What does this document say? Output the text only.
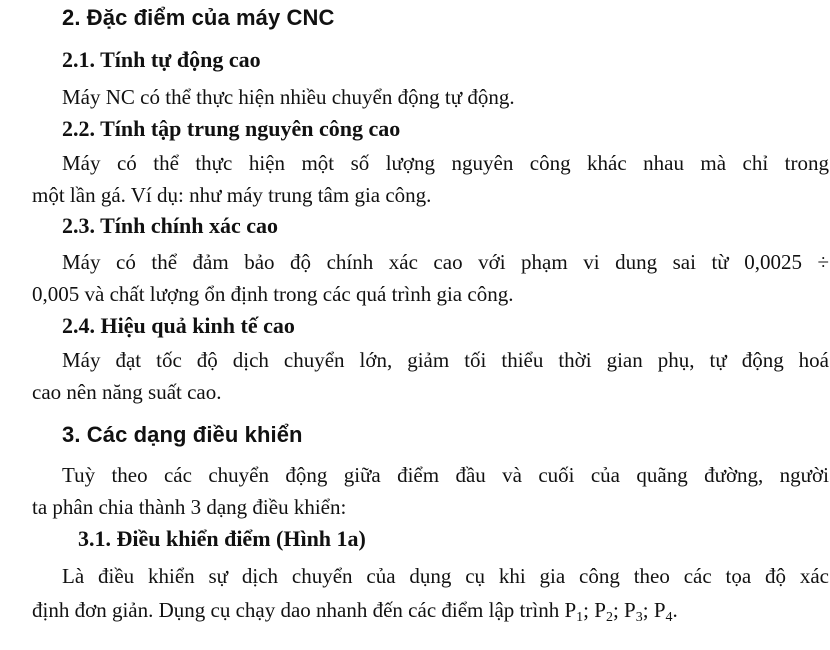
2. Đặc điểm của máy CNC
2.1. Tính tự động cao
Máy NC có thể thực hiện nhiều chuyển động tự động.
2.2. Tính tập trung nguyên công cao
Máy có thể thực hiện một số lượng nguyên công khác nhau mà chỉ trong
một lần gá. Ví dụ: như máy trung tâm gia công.
2.3. Tính chính xác cao
Máy có thể đảm bảo độ chính xác cao với phạm vi dung sai từ 0,0025 ÷
0,005 và chất lượng ổn định trong các quá trình gia công.
2.4. Hiệu quả kinh tế cao
Máy đạt tốc độ dịch chuyển lớn, giảm tối thiểu thời gian phụ, tự động hoá
cao nên năng suất cao.
3. Các dạng điều khiển
Tuỳ theo các chuyển động giữa điểm đầu và cuối của quãng đường, người
ta phân chia thành 3 dạng điều khiển:
3.1. Điều khiển điểm (Hình 1a)
Là điều khiển sự dịch chuyển của dụng cụ khi gia công theo các tọa độ xác
định đơn giản. Dụng cụ chạy dao nhanh đến các điểm lập trình $P_1$; $P_2$; $P_3$; $P_4$.
